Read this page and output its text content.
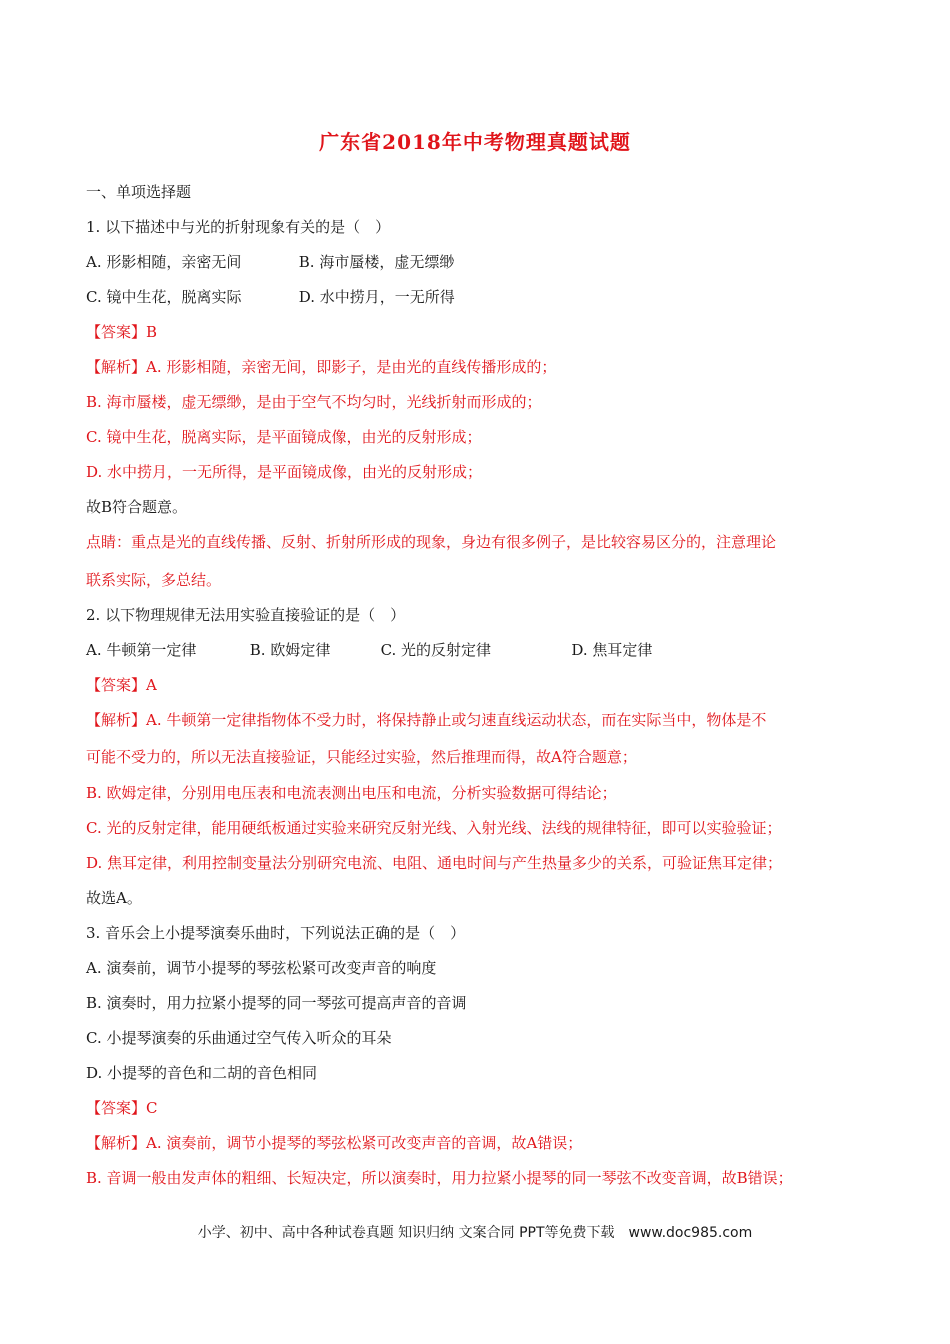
广东省2018年中考物理真题试题
一、单项选择题
1. 以下描述中与光的折射现象有关的是（　）
A. 形影相随，亲密无间	B. 海市蜃楼，虚无缥缈
C. 镜中生花，脱离实际	D. 水中捞月，一无所得
【答案】B
【解析】A. 形影相随，亲密无间，即影子，是由光的直线传播形成的；
B. 海市蜃楼，虚无缥缈，是由于空气不均匀时，光线折射而形成的；
C. 镜中生花，脱离实际，是平面镜成像，由光的反射形成；
D. 水中捞月，一无所得，是平面镜成像，由光的反射形成；
故B符合题意。
点睛：重点是光的直线传播、反射、折射所形成的现象，身边有很多例子，是比较容易区分的，注意理论
联系实际，多总结。
2. 以下物理规律无法用实验直接验证的是（　）
A. 牛顿第一定律	B. 欧姆定律	C. 光的反射定律	D. 焦耳定律
【答案】A
【解析】A. 牛顿第一定律指物体不受力时，将保持静止或匀速直线运动状态，而在实际当中，物体是不
可能不受力的，所以无法直接验证，只能经过实验，然后推理而得，故A符合题意；
B. 欧姆定律，分别用电压表和电流表测出电压和电流，分析实验数据可得结论；
C. 光的反射定律，能用硬纸板通过实验来研究反射光线、入射光线、法线的规律特征，即可以实验验证；
D. 焦耳定律，利用控制变量法分别研究电流、电阻、通电时间与产生热量多少的关系，可验证焦耳定律；
故选A。
3. 音乐会上小提琴演奏乐曲时，下列说法正确的是（　）
A. 演奏前，调节小提琴的琴弦松紧可改变声音的响度
B. 演奏时，用力拉紧小提琴的同一琴弦可提高声音的音调
C. 小提琴演奏的乐曲通过空气传入听众的耳朵
D. 小提琴的音色和二胡的音色相同
【答案】C
【解析】A. 演奏前，调节小提琴的琴弦松紧可改变声音的音调，故A错误；
B. 音调一般由发声体的粗细、长短决定，所以演奏时，用力拉紧小提琴的同一琴弦不改变音调，故B错误；
小学、初中、高中各种试卷真题 知识归纳 文案合同 PPT等免费下载　www.doc985.com
